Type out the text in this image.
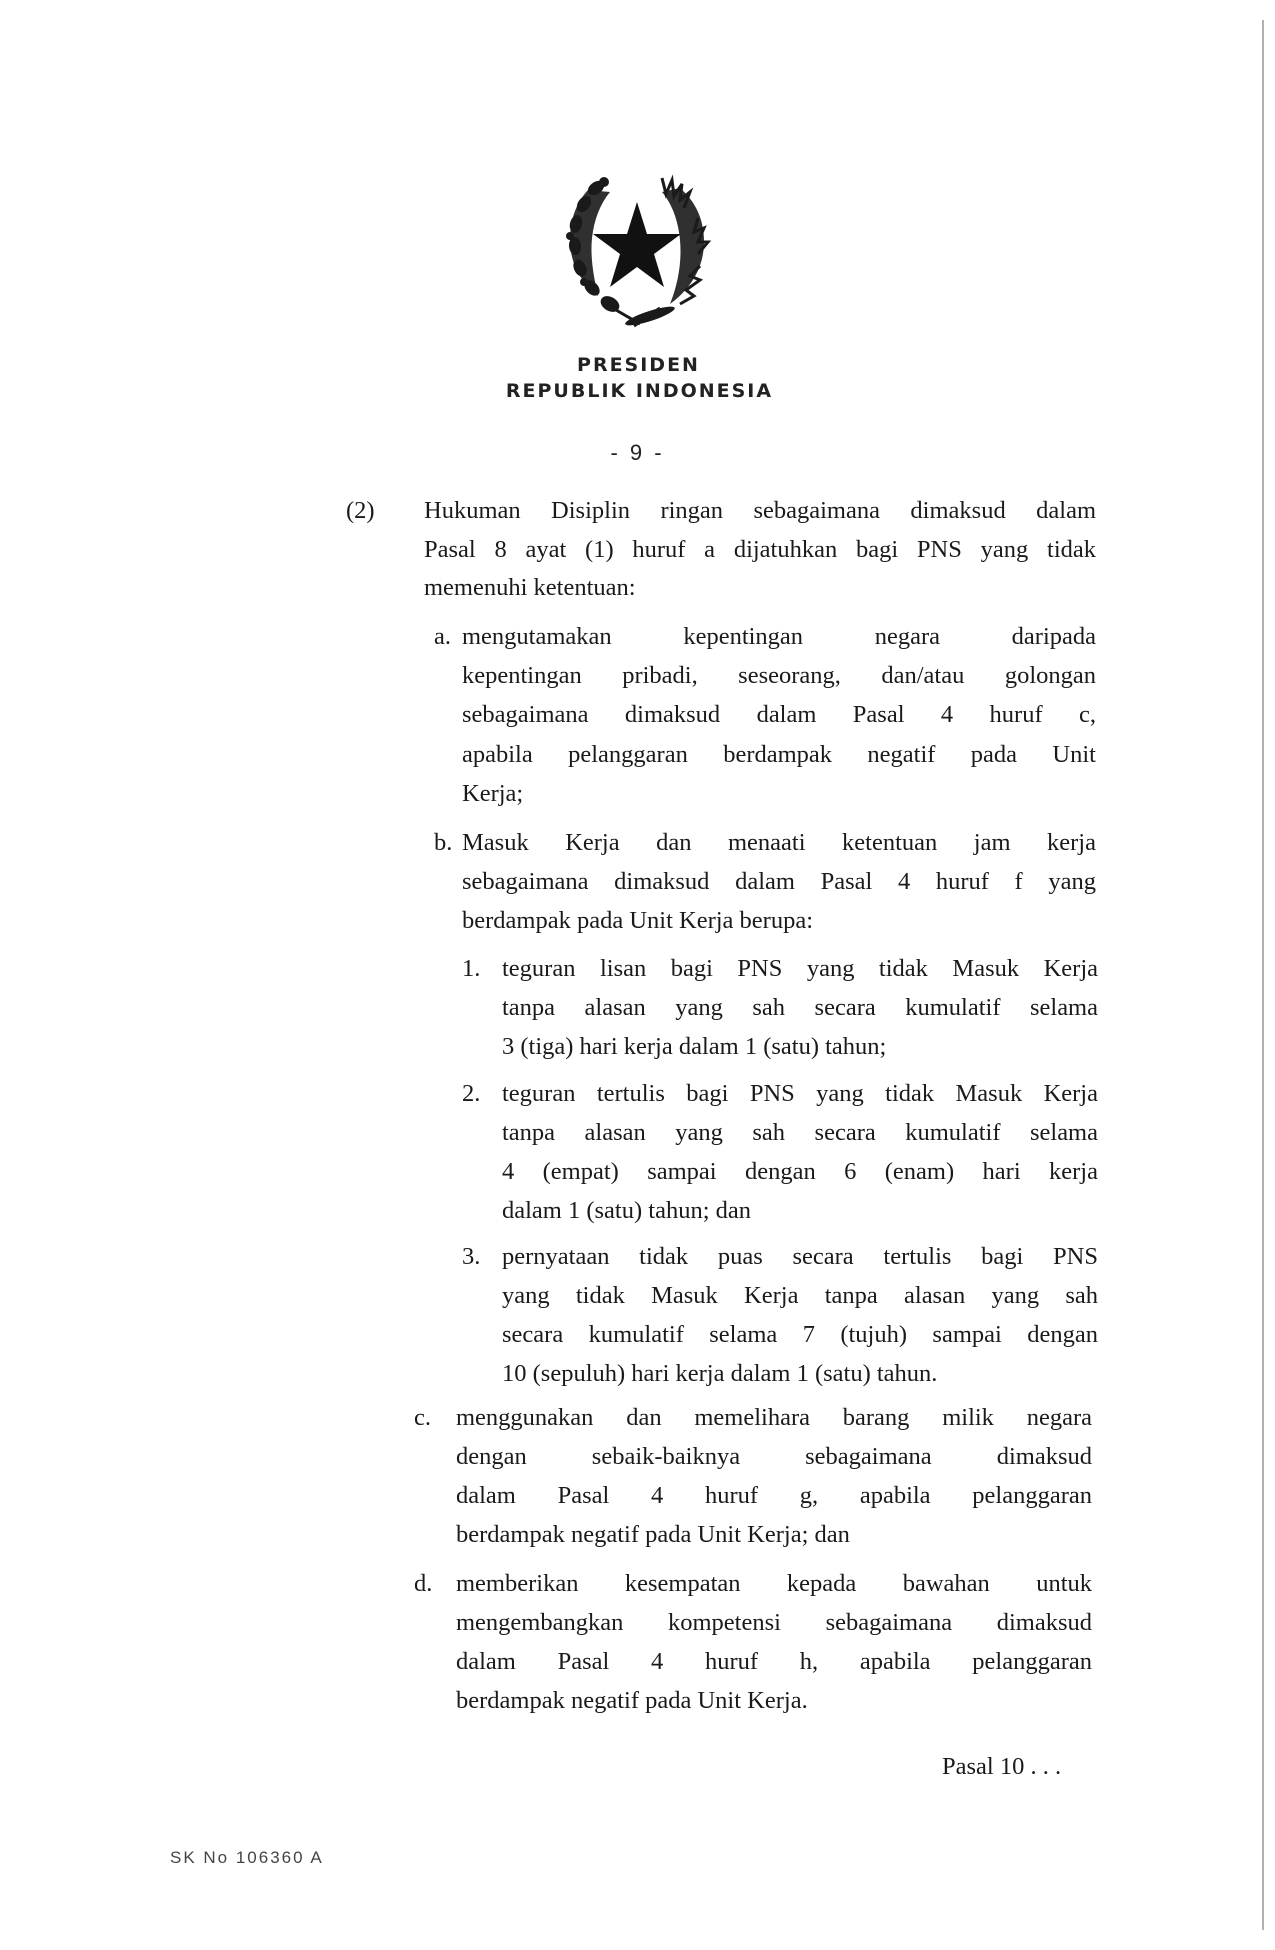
PRESIDEN
REPUBLIK INDONESIA
- 9 -
(2) Hukuman Disiplin ringan sebagaimana dimaksud dalam
Pasal 8 ayat (1) huruf a dijatuhkan bagi PNS yang tidak
memenuhi ketentuan:
a. mengutamakan kepentingan negara daripada
kepentingan pribadi, seseorang, dan/atau golongan
sebagaimana dimaksud dalam Pasal 4 huruf c,
apabila pelanggaran berdampak negatif pada Unit
Kerja;
b. Masuk Kerja dan menaati ketentuan jam kerja
sebagaimana dimaksud dalam Pasal 4 huruf f yang
berdampak pada Unit Kerja berupa:
1. teguran lisan bagi PNS yang tidak Masuk Kerja
tanpa alasan yang sah secara kumulatif selama
3 (tiga) hari kerja dalam 1 (satu) tahun;
2. teguran tertulis bagi PNS yang tidak Masuk Kerja
tanpa alasan yang sah secara kumulatif selama
4 (empat) sampai dengan 6 (enam) hari kerja
dalam 1 (satu) tahun; dan
3. pernyataan tidak puas secara tertulis bagi PNS
yang tidak Masuk Kerja tanpa alasan yang sah
secara kumulatif selama 7 (tujuh) sampai dengan
10 (sepuluh) hari kerja dalam 1 (satu) tahun.
c. menggunakan dan memelihara barang milik negara
dengan sebaik-baiknya sebagaimana dimaksud
dalam Pasal 4 huruf g, apabila pelanggaran
berdampak negatif pada Unit Kerja; dan
d. memberikan kesempatan kepada bawahan untuk
mengembangkan kompetensi sebagaimana dimaksud
dalam Pasal 4 huruf h, apabila pelanggaran
berdampak negatif pada Unit Kerja.
Pasal 10 . . .
SK No 106360 A
